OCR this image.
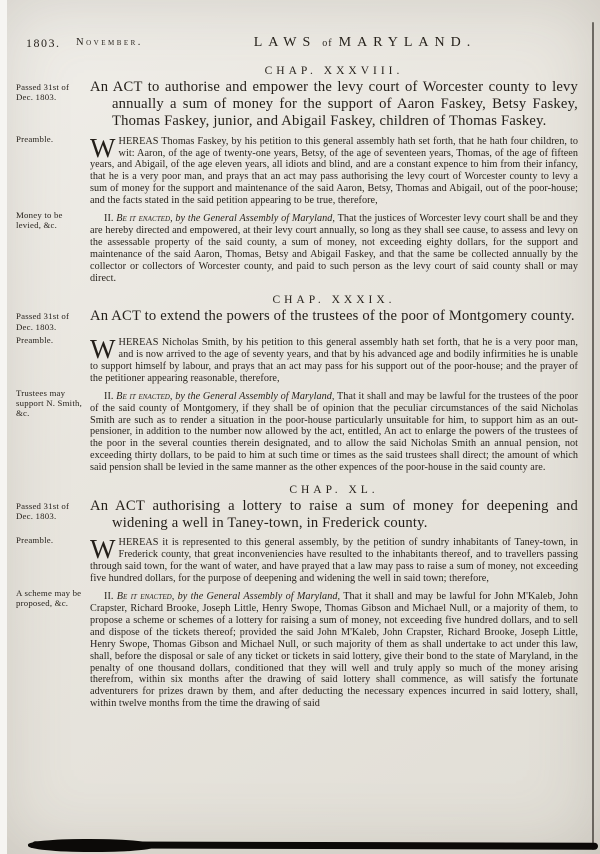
1803. November.	LAWS of MARYLAND.
CHAP. XXXVIII.

Passed 31st of Dec. 1803.

An ACT to authorise and empower the levy court of Worcester county to levy annually a sum of money for the support of Aaron Faskey, Betsy Faskey, Thomas Faskey, junior, and Abigail Faskey, children of Thomas Faskey.

Preamble.	WHEREAS Thomas Faskey, by his petition to this general assembly hath set forth, that he hath four children, to wit: Aaron, of the age of twenty-one years, Betsy, of the age of seventeen years, Thomas, of the age of fifteen years, and Abigail, of the age eleven years, all idiots and blind, and are a constant expence to him from their infancy, that he is a very poor man, and prays that an act may pass authorising the levy court of Worcester county to levy a sum of money for the support and maintenance of the said Aaron, Betsy, Thomas and Abigail, out of the poor-house; and the facts stated in the said petition appearing to be true, therefore,

Money to be levied, &c.

II. Be it enacted, by the General Assembly of Maryland, That the justices of Worcester levy court shall be and they are hereby directed and empowered, at their levy court annually, so long as they shall see cause, to assess and levy on the assessable property of the said county, a sum of money, not exceeding eighty dollars, for the support and maintenance of the said Aaron, Thomas, Betsy and Abigail Faskey, and that the same be collected annually by the collector or collectors of Worcester county, and paid to such person as the levy court of said county shall or may direct.

CHAP. XXXIX.

Passed 31st of Dec. 1803.

An ACT to extend the powers of the trustees of the poor of Montgomery county.

Preamble.	WHEREAS Nicholas Smith, by his petition to this general assembly hath set forth, that he is a very poor man, and is now arrived to the age of seventy years, and that by his advanced age and bodily infirmities he is unable to support himself by labour, and prays that an act may pass for his support out of the poor-house; and the prayer of the petitioner appearing reasonable, therefore,

Trustees may support N. Smith, &c.

II. Be it enacted, by the General Assembly of Maryland, That it shall and may be lawful for the trustees of the poor of the said county of Montgomery, if they shall be of opinion that the peculiar circumstances of the said Nicholas Smith are such as to render a situation in the poor-house particularly unsuitable for him, to support him as an out-pensioner, in addition to the number now allowed by the act, entitled, An act to enlarge the powers of the trustees of the poor in the several counties therein designated, and to allow the said Nicholas Smith an annual pension, not exceeding thirty dollars, to be paid to him at such time or times as the said trustees shall direct; the amount of which said pension shall be levied in the same manner as the other expences of the poor-house in the said county are.

CHAP. XL.

Passed 31st of Dec. 1803.

An ACT authorising a lottery to raise a sum of money for deepening and widening a well in Taney-town, in Frederick county.

Preamble.	WHEREAS it is represented to this general assembly, by the petition of sundry inhabitants of Taney-town, in Frederick county, that great inconveniencies have resulted to the inhabitants thereof, and to travellers passing through said town, for the want of water, and have prayed that a law may pass to raise a sum of money, not exceeding five hundred dollars, for the purpose of deepening and widening the well in said town; therefore,

A scheme may be proposed, &c.

II. Be it enacted, by the General Assembly of Maryland, That it shall and may be lawful for John M'Kaleb, John Crapster, Richard Brooke, Joseph Little, Henry Swope, Thomas Gibson and Michael Null, or a majority of them, to propose a scheme or schemes of a lottery for raising a sum of money, not exceeding five hundred dollars, and to sell and dispose of the tickets thereof; provided the said John M'Kaleb, John Crapster, Richard Brooke, Joseph Little, Henry Swope, Thomas Gibson and Michael Null, or such majority of them as shall undertake to act under this law, shall, before the disposal or sale of any ticket or tickets in said lottery, give their bond to the state of Maryland, in the penalty of one thousand dollars, conditioned that they will well and truly apply so much of the money arising therefrom, within six months after the drawing of said lottery shall commence, as will satisfy the fortunate adventurers for prizes drawn by them, and after deducting the necessary expences incurred in said lottery, shall, within twelve months from the time the drawing of said
